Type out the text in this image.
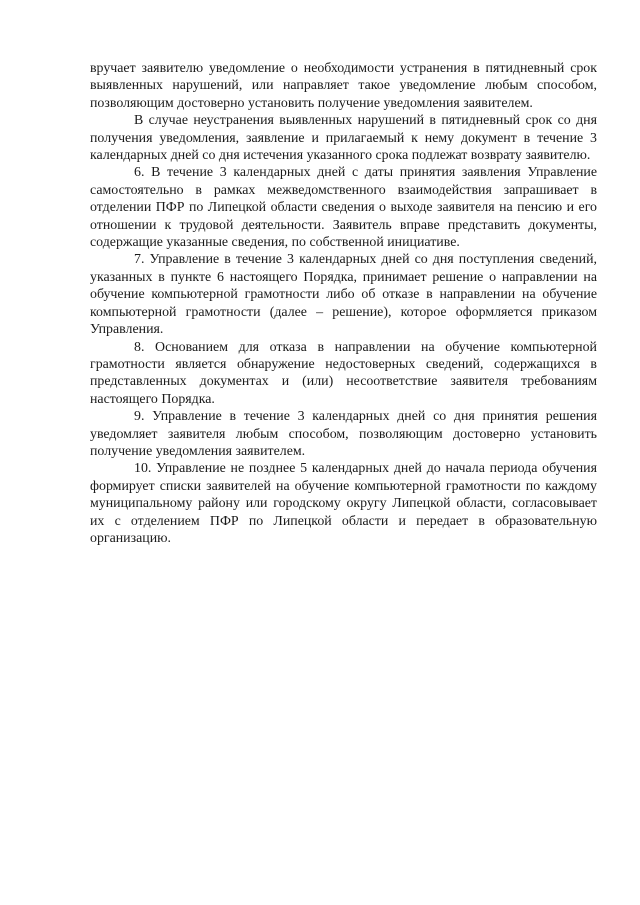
вручает заявителю уведомление о необходимости устранения в пятидневный срок выявленных нарушений, или направляет такое уведомление любым способом, позволяющим достоверно установить получение уведомления заявителем.

В случае неустранения выявленных нарушений в пятидневный срок со дня получения уведомления, заявление и прилагаемый к нему документ в течение 3 календарных дней со дня истечения указанного срока подлежат возврату заявителю.

6. В течение 3 календарных дней с даты принятия заявления Управление самостоятельно в рамках межведомственного взаимодействия запрашивает в отделении ПФР по Липецкой области сведения о выходе заявителя на пенсию и его отношении к трудовой деятельности. Заявитель вправе представить документы, содержащие указанные сведения, по собственной инициативе.

7. Управление в течение 3 календарных дней со дня поступления сведений, указанных в пункте 6 настоящего Порядка, принимает решение о направлении на обучение компьютерной грамотности либо об отказе в направлении на обучение компьютерной грамотности (далее – решение), которое оформляется приказом Управления.

8. Основанием для отказа в направлении на обучение компьютерной грамотности является обнаружение недостоверных сведений, содержащихся в представленных документах и (или) несоответствие заявителя требованиям настоящего Порядка.

9. Управление в течение 3 календарных дней со дня принятия решения уведомляет заявителя любым способом, позволяющим достоверно установить получение уведомления заявителем.

10. Управление не позднее 5 календарных дней до начала периода обучения формирует списки заявителей на обучение компьютерной грамотности по каждому муниципальному району или городскому округу Липецкой области, согласовывает их с отделением ПФР по Липецкой области и передает в образовательную организацию.
